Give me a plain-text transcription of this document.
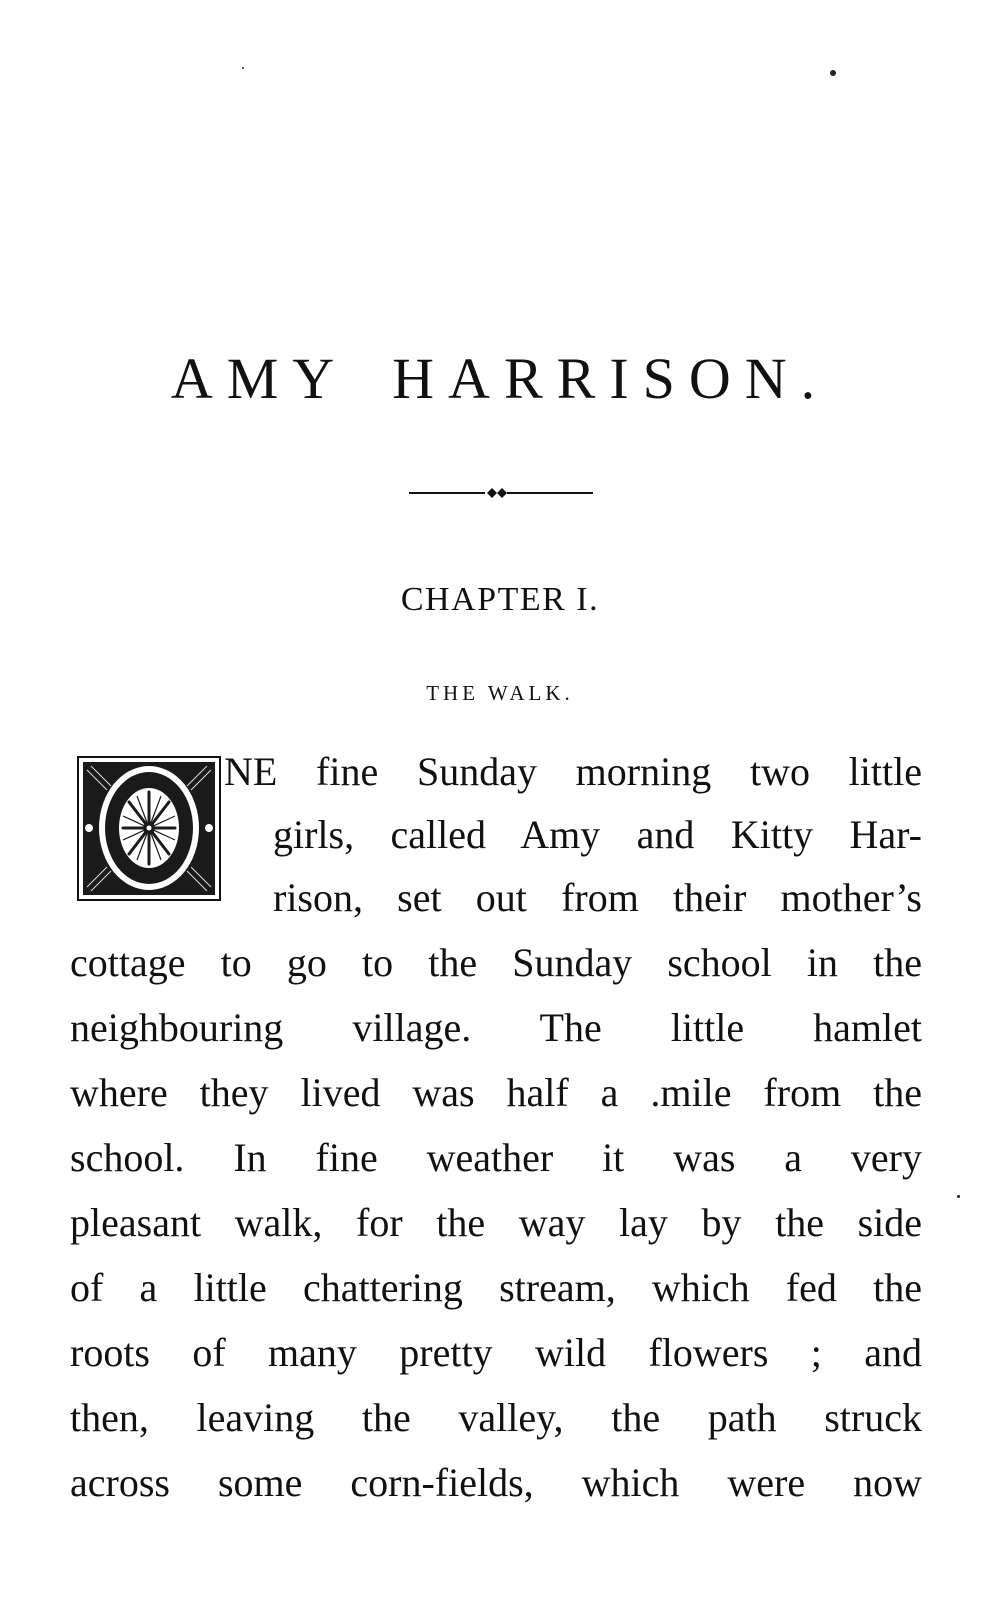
AMY HARRISON.
CHAPTER I.
THE WALK.
NE fine Sunday morning two little
girls, called Amy and Kitty Har-
rison, set out from their mother’s
cottage to go to the Sunday school in the
neighbouring village. The little hamlet
where they lived was half a .mile from the
school. In fine weather it was a very
pleasant walk, for the way lay by the side
of a little chattering stream, which fed the
roots of many pretty wild flowers ; and
then, leaving the valley, the path struck
across some corn-fields, which were now
